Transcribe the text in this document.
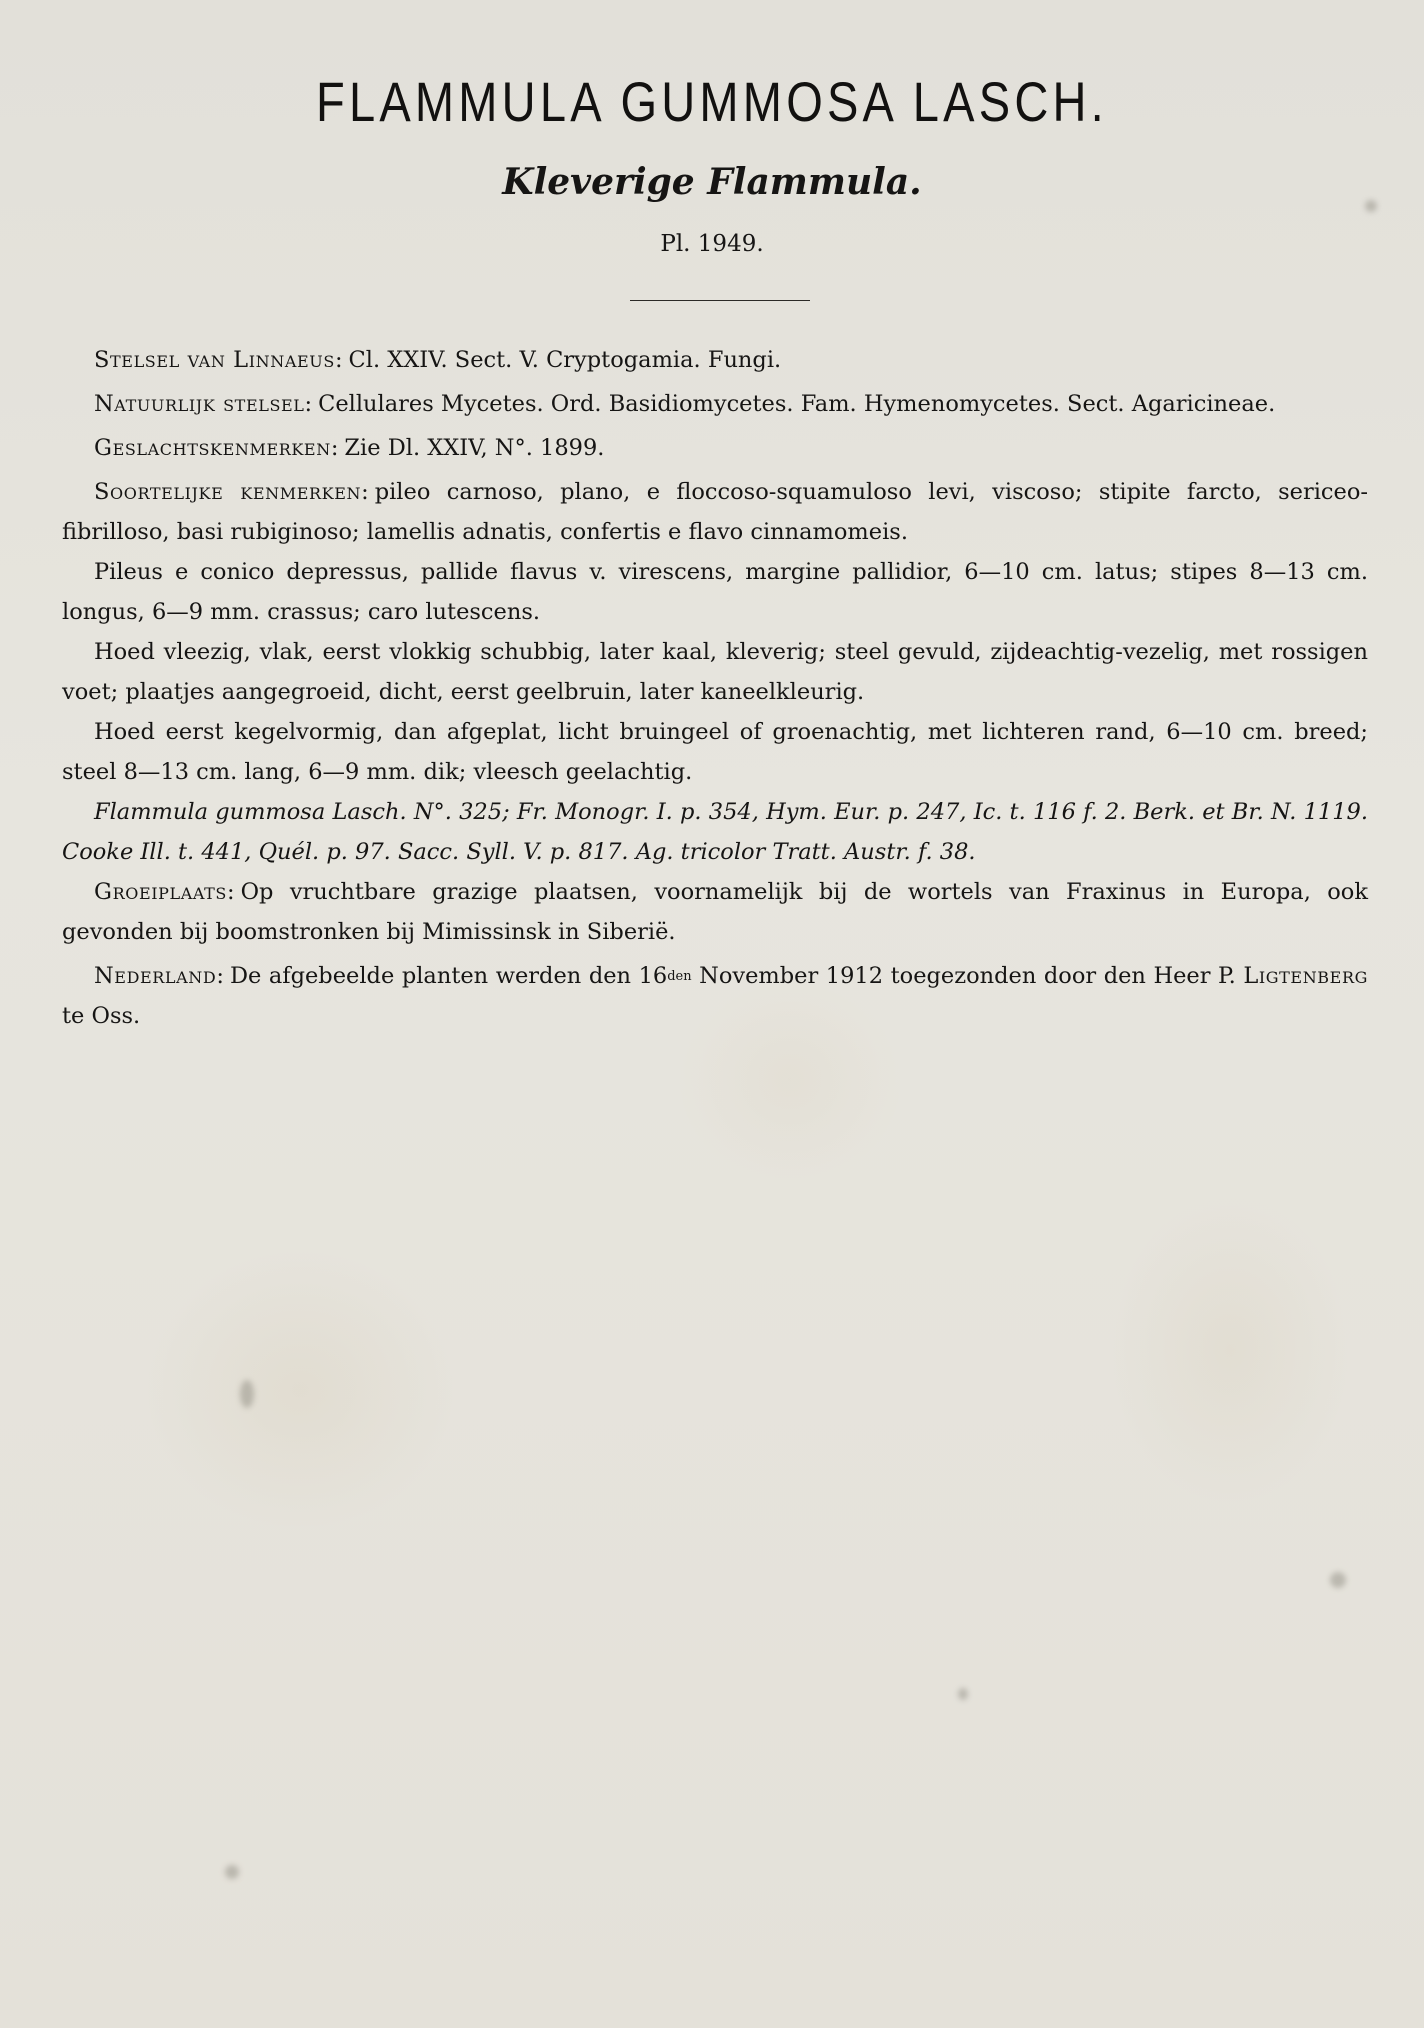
FLAMMULA GUMMOSA LASCH.
Kleverige Flammula.
Pl. 1949.

Stelsel van Linnaeus: Cl. XXIV. Sect. V. Cryptogamia. Fungi.

Natuurlijk stelsel: Cellulares Mycetes. Ord. Basidiomycetes. Fam. Hymenomycetes. Sect. Agaricineae.

Geslachtskenmerken: Zie Dl. XXIV, N°. 1899.

Soortelijke kenmerken: pileo carnoso, plano, e floccoso-squamuloso levi, viscoso; stipite farcto, sericeo-fibrilloso, basi rubiginoso; lamellis adnatis, confertis e flavo cinnamomeis.

Pileus e conico depressus, pallide flavus v. virescens, margine pallidior, 6—10 cm. latus; stipes 8—13 cm. longus, 6—9 mm. crassus; caro lutescens.

Hoed vleezig, vlak, eerst vlokkig schubbig, later kaal, kleverig; steel gevuld, zijdeachtig-vezelig, met rossigen voet; plaatjes aangegroeid, dicht, eerst geelbruin, later kaneelkleurig.

Hoed eerst kegelvormig, dan afgeplat, licht bruingeel of groenachtig, met lichteren rand, 6—10 cm. breed; steel 8—13 cm. lang, 6—9 mm. dik; vleesch geelachtig.

Flammula gummosa Lasch. N°. 325; Fr. Monogr. I. p. 354, Hym. Eur. p. 247, Ic. t. 116 f. 2. Berk. et Br. N. 1119. Cooke Ill. t. 441, Quél. p. 97. Sacc. Syll. V. p. 817. Ag. tricolor Tratt. Austr. f. 38.

Groeiplaats: Op vruchtbare grazige plaatsen, voornamelijk bij de wortels van Fraxinus in Europa, ook gevonden bij boomstronken bij Mimissinsk in Siberië.

Nederland: De afgebeelde planten werden den $16^{den}$ November 1912 toegezonden door den Heer P. Ligtenberg te Oss.
